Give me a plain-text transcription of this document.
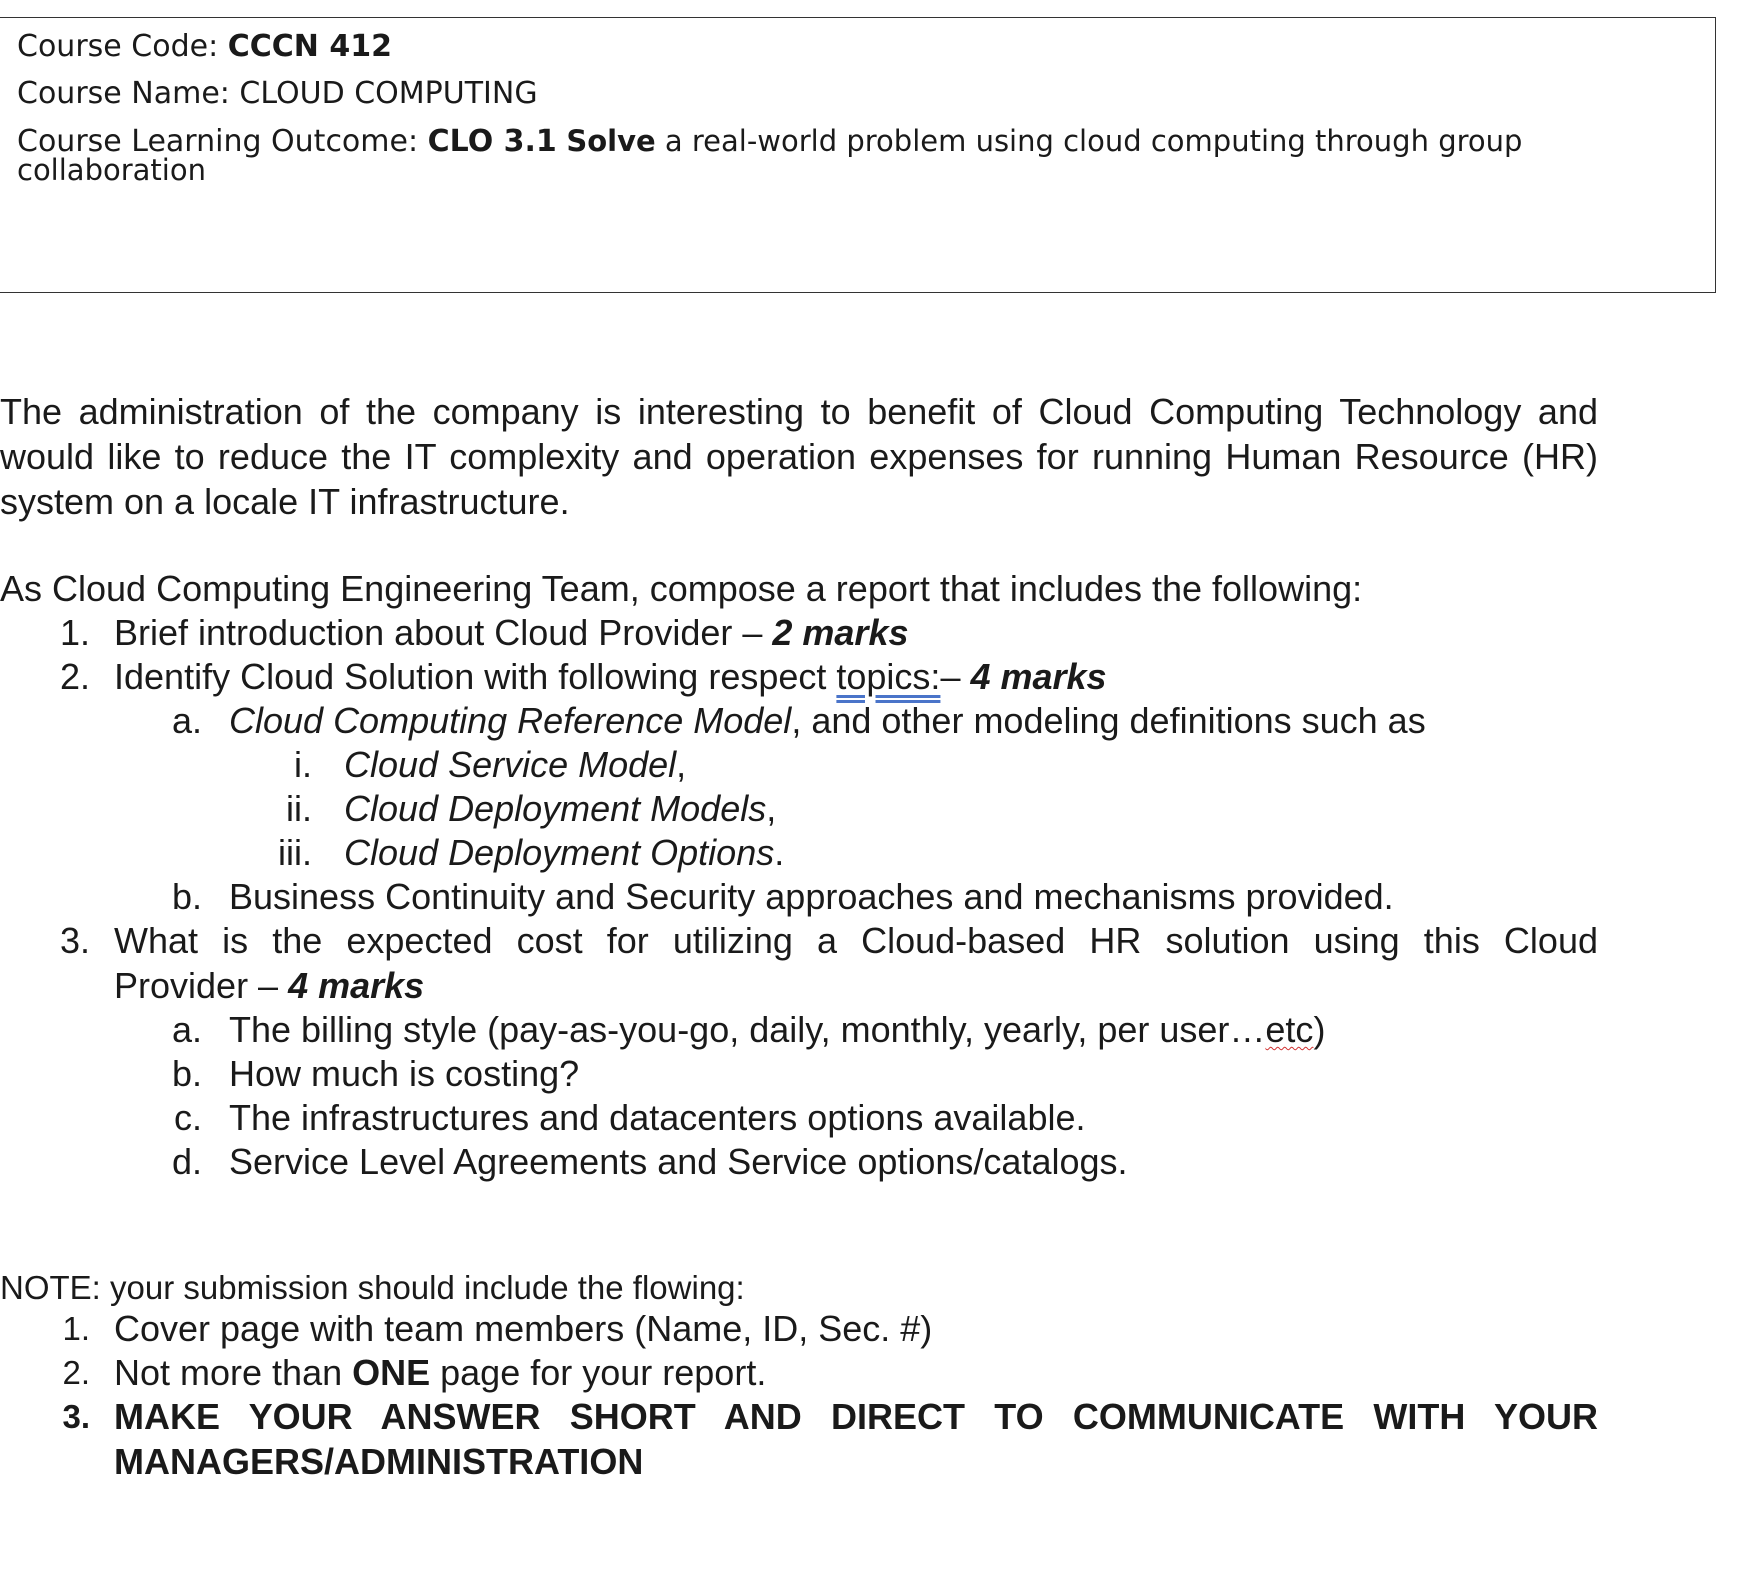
Course Code: CCCN 412
Course Name: CLOUD COMPUTING
Course Learning Outcome: CLO 3.1 Solve a real-world problem using cloud computing through group collaboration
The administration of the company is interesting to benefit of Cloud Computing Technology and would like to reduce the IT complexity and operation expenses for running Human Resource (HR) system on a locale IT infrastructure.
As Cloud Computing Engineering Team, compose a report that includes the following:
1. Brief introduction about Cloud Provider – 2 marks
2. Identify Cloud Solution with following respect topics:– 4 marks
a. Cloud Computing Reference Model, and other modeling definitions such as
i. Cloud Service Model,
ii. Cloud Deployment Models,
iii. Cloud Deployment Options.
b. Business Continuity and Security approaches and mechanisms provided.
3. What is the expected cost for utilizing a Cloud-based HR solution using this Cloud
Provider – 4 marks
a. The billing style (pay-as-you-go, daily, monthly, yearly, per user…etc)
b. How much is costing?
c. The infrastructures and datacenters options available.
d. Service Level Agreements and Service options/catalogs.
NOTE: your submission should include the flowing:
1. Cover page with team members (Name, ID, Sec. #)
2. Not more than ONE page for your report.
3. MAKE YOUR ANSWER SHORT AND DIRECT TO COMMUNICATE WITH YOUR
MANAGERS/ADMINISTRATION
